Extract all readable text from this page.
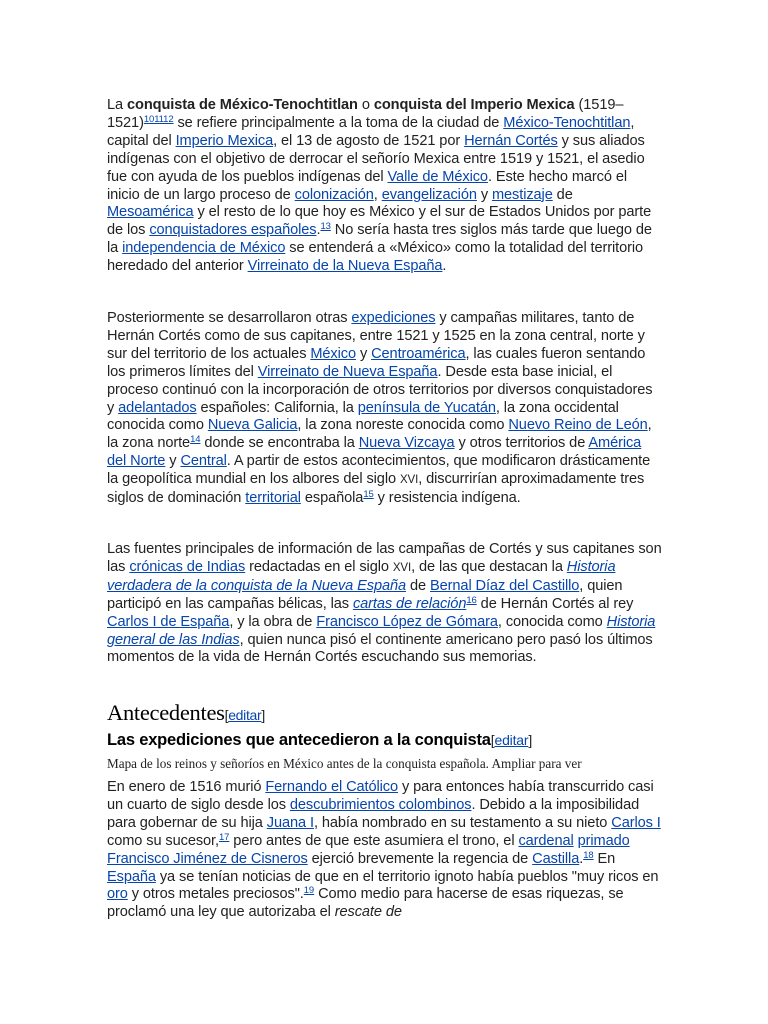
La conquista de México-Tenochtitlan o conquista del Imperio Mexica (1519–1521)$^{101112}$ se refiere principalmente a la toma de la ciudad de México-Tenochtitlan, capital del Imperio Mexica, el 13 de agosto de 1521 por Hernán Cortés y sus aliados indígenas con el objetivo de derrocar el señorío Mexica entre 1519 y 1521, el asedio fue con ayuda de los pueblos indígenas del Valle de México. Este hecho marcó el inicio de un largo proceso de colonización, evangelización y mestizaje de Mesoamérica y el resto de lo que hoy es México y el sur de Estados Unidos por parte de los conquistadores españoles.$^{13}$ No sería hasta tres siglos más tarde que luego de la independencia de México se entenderá a «México» como la totalidad del territorio heredado del anterior Virreinato de la Nueva España.

Posteriormente se desarrollaron otras expediciones y campañas militares, tanto de Hernán Cortés como de sus capitanes, entre 1521 y 1525 en la zona central, norte y sur del territorio de los actuales México y Centroamérica, las cuales fueron sentando los primeros límites del Virreinato de Nueva España. Desde esta base inicial, el proceso continuó con la incorporación de otros territorios por diversos conquistadores y adelantados españoles: California, la península de Yucatán, la zona occidental conocida como Nueva Galicia, la zona noreste conocida como Nuevo Reino de León, la zona norte$^{14}$ donde se encontraba la Nueva Vizcaya y otros territorios de América del Norte y Central. A partir de estos acontecimientos, que modificaron drásticamente la geopolítica mundial en los albores del siglo XVI, discurrirían aproximadamente tres siglos de dominación territorial española$^{15}$ y resistencia indígena.

Las fuentes principales de información de las campañas de Cortés y sus capitanes son las crónicas de Indias redactadas en el siglo XVI, de las que destacan la Historia verdadera de la conquista de la Nueva España de Bernal Díaz del Castillo, quien participó en las campañas bélicas, las cartas de relación$^{16}$ de Hernán Cortés al rey Carlos I de España, y la obra de Francisco López de Gómara, conocida como Historia general de las Indias, quien nunca pisó el continente americano pero pasó los últimos momentos de la vida de Hernán Cortés escuchando sus memorias.

Antecedentes[editar]
Las expediciones que antecedieron a la conquista[editar]

Mapa de los reinos y señoríos en México antes de la conquista española. Ampliar para ver

En enero de 1516 murió Fernando el Católico y para entonces había transcurrido casi un cuarto de siglo desde los descubrimientos colombinos. Debido a la imposibilidad para gobernar de su hija Juana I, había nombrado en su testamento a su nieto Carlos I como su sucesor,$^{17}$ pero antes de que este asumiera el trono, el cardenal primado Francisco Jiménez de Cisneros ejerció brevemente la regencia de Castilla.$^{18}$ En España ya se tenían noticias de que en el territorio ignoto había pueblos "muy ricos en oro y otros metales preciosos".$^{19}$ Como medio para hacerse de esas riquezas, se proclamó una ley que autorizaba el rescate de
